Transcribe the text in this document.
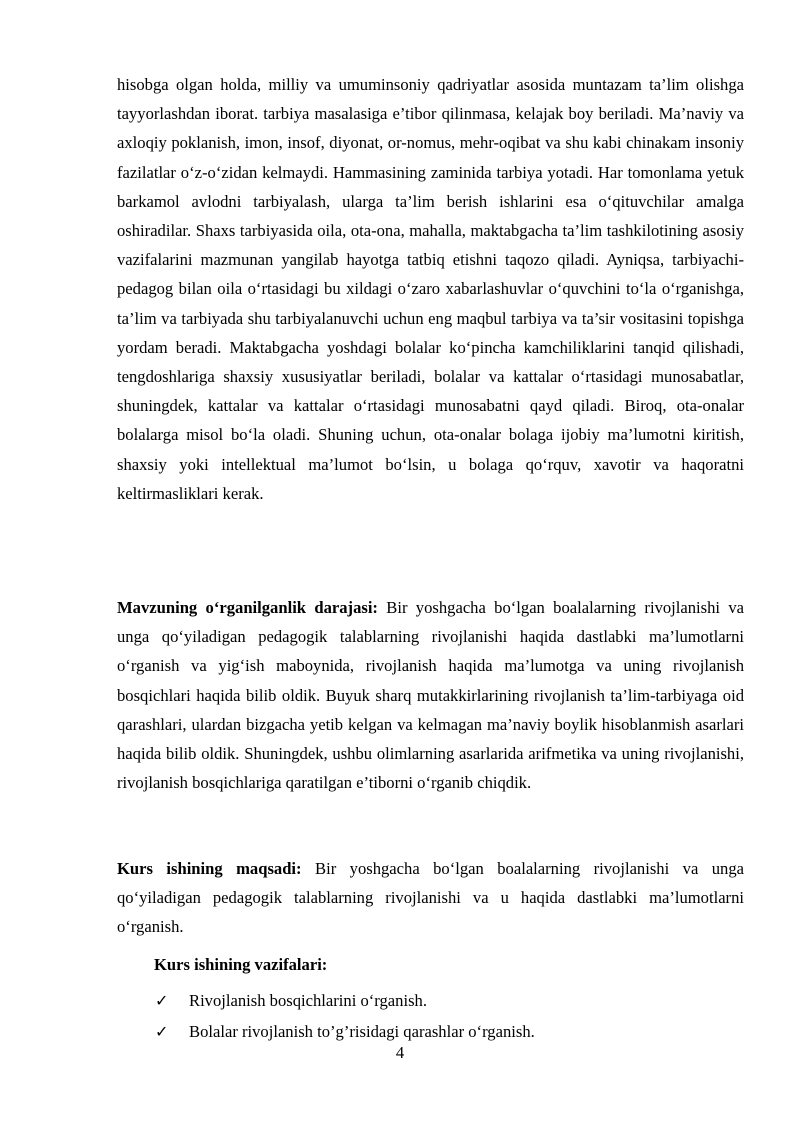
hisobga olgan holda, milliy va umuminsoniy qadriyatlar asosida muntazam ta’lim olishga tayyorlashdan iborat. tarbiya masalasiga e’tibor qilinmasa, kelajak boy beriladi. Ma’naviy va axloqiy poklanish, imon, insof, diyonat, or-nomus, mehr-oqibat va shu kabi chinakam insoniy fazilatlar o‘z-o‘zidan kelmaydi. Hammasining zaminida tarbiya yotadi. Har tomonlama yetuk barkamol avlodni tarbiyalash, ularga ta’lim berish ishlarini esa o‘qituvchilar amalga oshiradilar. Shaxs tarbiyasida oila, ota-ona, mahalla, maktabgacha ta’lim tashkilotining asosiy vazifalarini mazmunan yangilab hayotga tatbiq etishni taqozo qiladi. Ayniqsa, tarbiyachi-pedagog bilan oila o‘rtasidagi bu xildagi o‘zaro xabarlashuvlar o‘quvchini to‘la o‘rganishga, ta’lim va tarbiyada shu tarbiyalanuvchi uchun eng maqbul tarbiya va ta’sir vositasini topishga yordam beradi. Maktabgacha yoshdagi bolalar ko‘pincha kamchiliklarini tanqid qilishadi, tengdoshlariga shaxsiy xususiyatlar beriladi, bolalar va kattalar o‘rtasidagi munosabatlar, shuningdek, kattalar va kattalar o‘rtasidagi munosabatni qayd qiladi. Biroq, ota-onalar bolalarga misol bo‘la oladi. Shuning uchun, ota-onalar bolaga ijobiy ma’lumotni kiritish, shaxsiy yoki intellektual ma’lumot bo‘lsin, u bolaga qo‘rquv, xavotir va haqoratni keltirmasliklari kerak.

Mavzuning o‘rganilganlik darajasi: Bir yoshgacha bo‘lgan boalalarning rivojlanishi va unga qo‘yiladigan pedagogik talablarning rivojlanishi haqida dastlabki ma’lumotlarni o‘rganish va yig‘ish maboynida, rivojlanish haqida ma’lumotga va uning rivojlanish bosqichlari haqida bilib oldik. Buyuk sharq mutakkirlarining rivojlanish ta’lim-tarbiyaga oid qarashlari, ulardan bizgacha yetib kelgan va kelmagan ma’naviy boylik hisoblanmish asarlari haqida bilib oldik. Shuningdek, ushbu olimlarning asarlarida arifmetika va uning rivojlanishi, rivojlanish bosqichlariga qaratilgan e’tiborni o‘rganib chiqdik.

Kurs ishining maqsadi: Bir yoshgacha bo‘lgan boalalarning rivojlanishi va unga qo‘yiladigan pedagogik talablarning rivojlanishi va u haqida dastlabki ma’lumotlarni o‘rganish.

Kurs ishining vazifalari:
✓	Rivojlanish bosqichlarini o‘rganish.
✓	Bolalar rivojlanish to’g’risidagi qarashlar o‘rganish.
4
